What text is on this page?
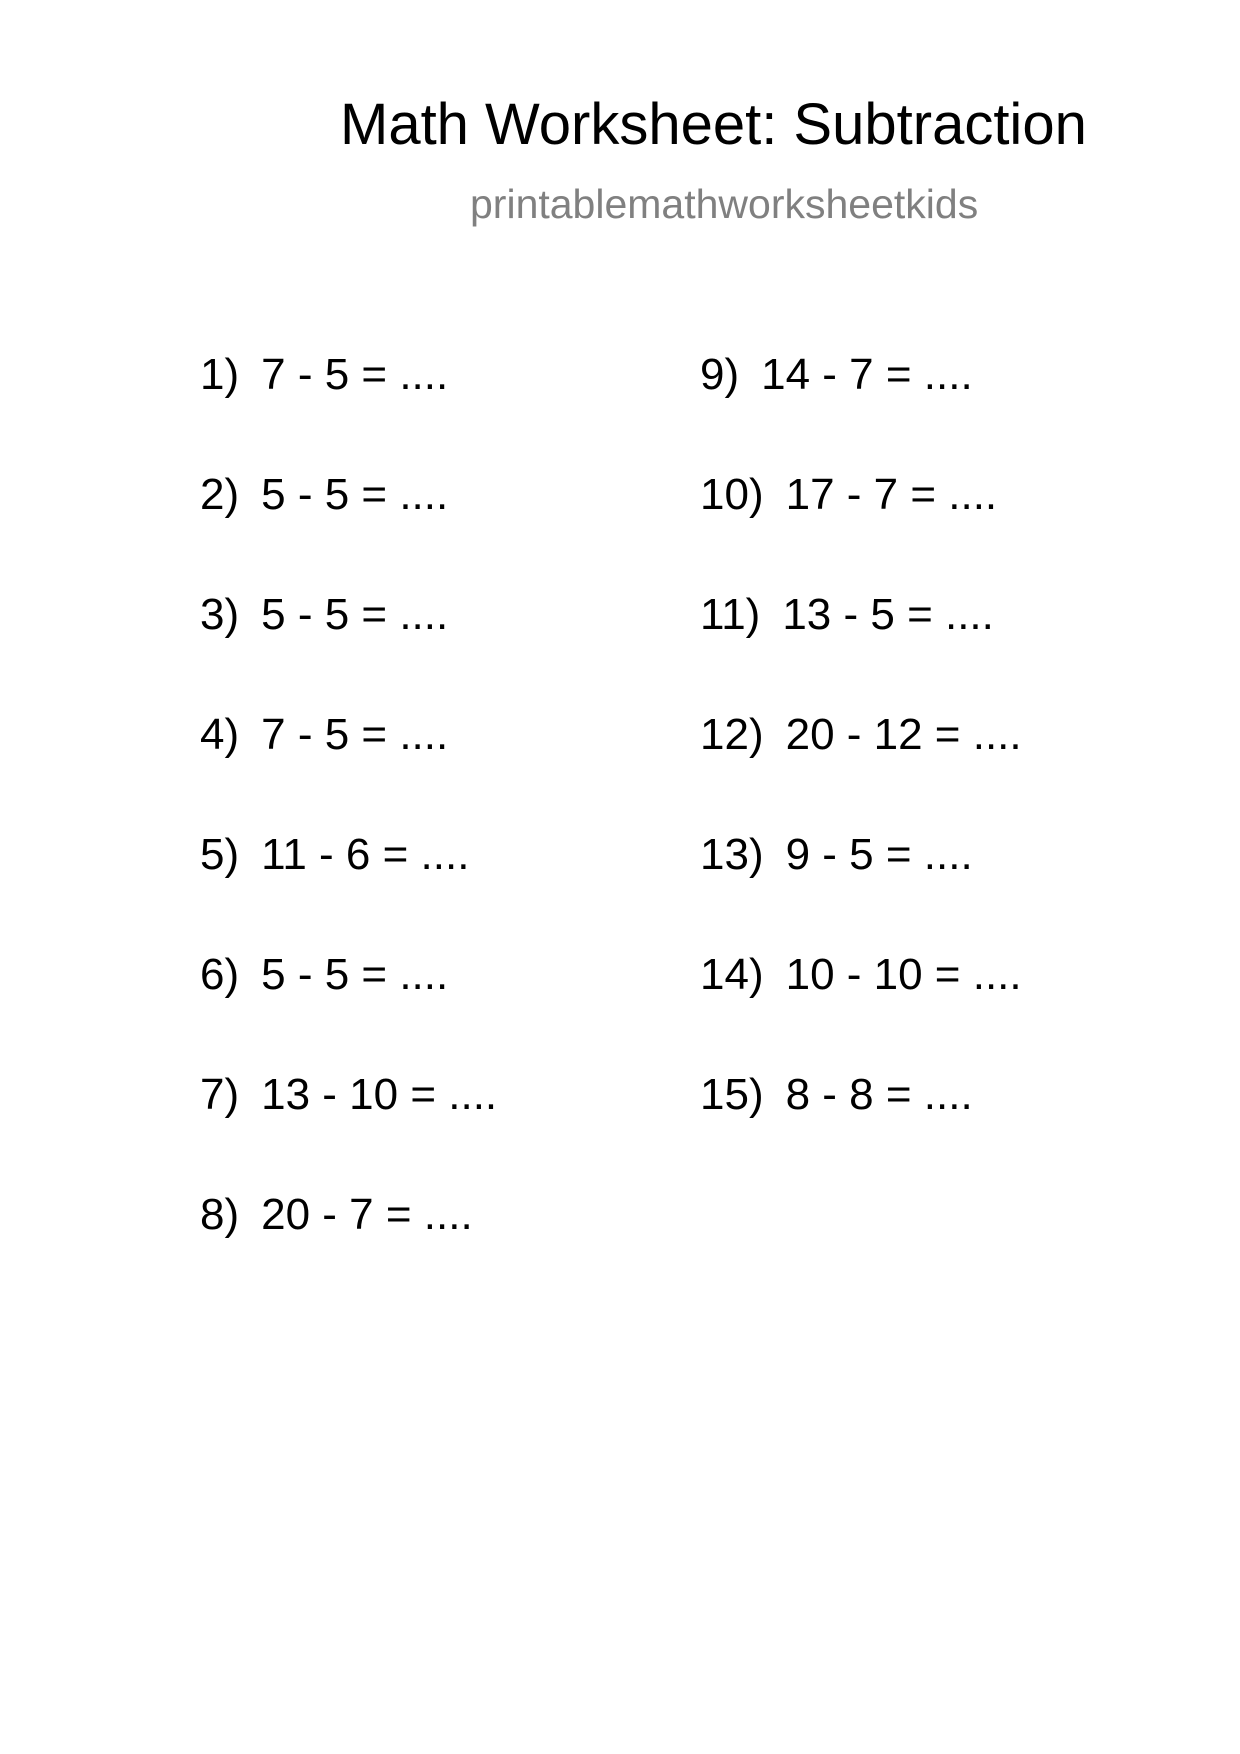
Math Worksheet: Subtraction
printablemathworksheetkids
1) 7 - 5 = ....
2) 5 - 5 = ....
3) 5 - 5 = ....
4) 7 - 5 = ....
5) 11 - 6 = ....
6) 5 - 5 = ....
7) 13 - 10 = ....
8) 20 - 7 = ....
9) 14 - 7 = ....
10) 17 - 7 = ....
11) 13 - 5 = ....
12) 20 - 12 = ....
13) 9 - 5 = ....
14) 10 - 10 = ....
15) 8 - 8 = ....
